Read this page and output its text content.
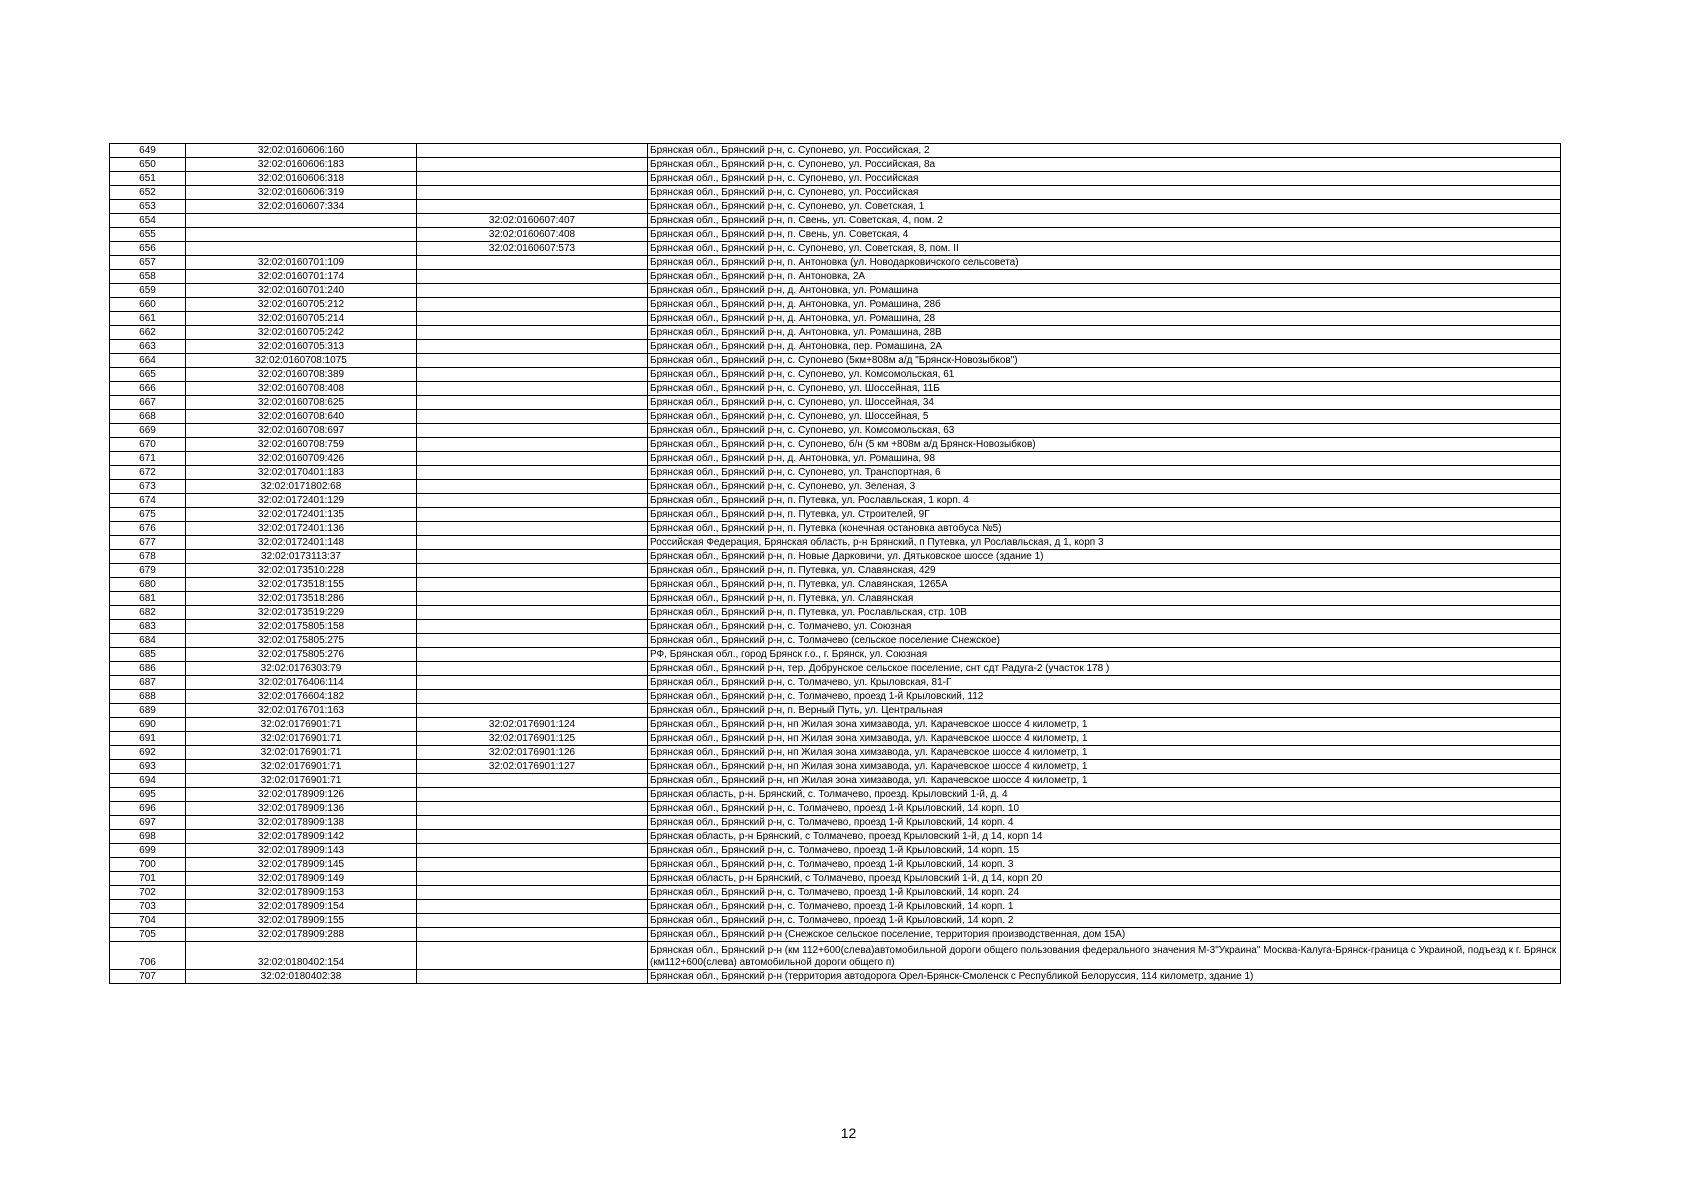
649	32:02:0160606:160		Брянская обл., Брянский р-н, с. Супонево, ул. Российская, 2
650	32:02:0160606:183		Брянская обл., Брянский р-н, с. Супонево, ул. Российская, 8а
651	32:02:0160606:318		Брянская обл., Брянский р-н, с. Супонево, ул. Российская
652	32:02:0160606:319		Брянская обл., Брянский р-н, с. Супонево, ул. Российская
653	32:02:0160607:334		Брянская обл., Брянский р-н, с. Супонево, ул. Советская, 1
654		32:02:0160607:407	Брянская обл., Брянский р-н, п. Свень, ул. Советская, 4, пом. 2
655		32:02:0160607:408	Брянская обл., Брянский р-н, п. Свень, ул. Советская, 4
656		32:02:0160607:573	Брянская обл., Брянский р-н, с. Супонево, ул. Советская, 8, пом. II
657	32:02:0160701:109		Брянская обл., Брянский р-н, п. Антоновка (ул. Новодарковичского сельсовета)
658	32:02:0160701:174		Брянская обл., Брянский р-н, п. Антоновка, 2А
659	32:02:0160701:240		Брянская обл., Брянский р-н, д. Антоновка, ул. Ромашина
660	32:02:0160705:212		Брянская обл., Брянский р-н, д. Антоновка, ул. Ромашина, 28б
661	32:02:0160705:214		Брянская обл., Брянский р-н, д. Антоновка, ул. Ромашина, 28
662	32:02:0160705:242		Брянская обл., Брянский р-н, д. Антоновка, ул. Ромашина, 28В
663	32:02:0160705:313		Брянская обл., Брянский р-н, д. Антоновка, пер. Ромашина, 2А
664	32:02:0160708:1075		Брянская обл., Брянский р-н, с. Супонево (5км+808м а/д "Брянск-Новозыбков")
665	32:02:0160708:389		Брянская обл., Брянский р-н, с. Супонево, ул. Комсомольская, 61
666	32:02:0160708:408		Брянская обл., Брянский р-н, с. Супонево, ул. Шоссейная, 11Б
667	32:02:0160708:625		Брянская обл., Брянский р-н, с. Супонево, ул. Шоссейная, 34
668	32:02:0160708:640		Брянская обл., Брянский р-н, с. Супонево, ул. Шоссейная, 5
669	32:02:0160708:697		Брянская обл., Брянский р-н, с. Супонево, ул. Комсомольская, 63
670	32:02:0160708:759		Брянская обл., Брянский р-н, с. Супонево, б/н (5 км +808м а/д Брянск-Новозыбков)
671	32:02:0160709:426		Брянская обл., Брянский р-н, д. Антоновка, ул. Ромашина, 98
672	32:02:0170401:183		Брянская обл., Брянский р-н, с. Супонево, ул. Транспортная, 6
673	32:02:0171802:68		Брянская обл., Брянский р-н, с. Супонево, ул. Зеленая, 3
674	32:02:0172401:129		Брянская обл., Брянский р-н, п. Путевка, ул. Рославльская, 1 корп. 4
675	32:02:0172401:135		Брянская обл., Брянский р-н, п. Путевка, ул. Строителей, 9Г
676	32:02:0172401:136		Брянская обл., Брянский р-н, п. Путевка (конечная остановка автобуса №5)
677	32:02:0172401:148		Российская Федерация, Брянская область, р-н Брянский, п Путевка, ул Рославльская, д 1, корп 3
678	32:02:0173113:37		Брянская обл., Брянский р-н, п. Новые Дарковичи, ул. Дятьковское шоссе (здание 1)
679	32:02:0173510:228		Брянская обл., Брянский р-н, п. Путевка, ул. Славянская, 429
680	32:02:0173518:155		Брянская обл., Брянский р-н, п. Путевка, ул. Славянская, 1265А
681	32:02:0173518:286		Брянская обл., Брянский р-н, п. Путевка, ул. Славянская
682	32:02:0173519:229		Брянская обл., Брянский р-н, п. Путевка, ул. Рославльская, стр. 10В
683	32:02:0175805:158		Брянская обл., Брянский р-н, с. Толмачево, ул. Союзная
684	32:02:0175805:275		Брянская обл., Брянский р-н, с. Толмачево (сельское поселение Снежское)
685	32:02:0175805:276		РФ, Брянская обл., город Брянск г.о., г. Брянск, ул. Союзная
686	32:02:0176303:79		Брянская обл., Брянский р-н, тер. Добрунское сельское поселение, снт сдт Радуга-2 (участок 178 )
687	32:02:0176406:114		Брянская обл., Брянский р-н, с. Толмачево, ул. Крыловская, 81-Г
688	32:02:0176604:182		Брянская обл., Брянский р-н, с. Толмачево, проезд 1-й Крыловский, 112
689	32:02:0176701:163		Брянская обл., Брянский р-н, п. Верный Путь, ул. Центральная
690	32:02:0176901:71	32:02:0176901:124	Брянская обл., Брянский р-н, нп Жилая зона химзавода, ул. Карачевское шоссе 4 километр, 1
691	32:02:0176901:71	32:02:0176901:125	Брянская обл., Брянский р-н, нп Жилая зона химзавода, ул. Карачевское шоссе 4 километр, 1
692	32:02:0176901:71	32:02:0176901:126	Брянская обл., Брянский р-н, нп Жилая зона химзавода, ул. Карачевское шоссе 4 километр, 1
693	32:02:0176901:71	32:02:0176901:127	Брянская обл., Брянский р-н, нп Жилая зона химзавода, ул. Карачевское шоссе 4 километр, 1
694	32:02:0176901:71		Брянская обл., Брянский р-н, нп Жилая зона химзавода, ул. Карачевское шоссе 4 километр, 1
695	32:02:0178909:126		Брянская область, р-н. Брянский, с. Толмачево, проезд. Крыловский 1-й, д. 4
696	32:02:0178909:136		Брянская обл., Брянский р-н, с. Толмачево, проезд 1-й Крыловский, 14 корп. 10
697	32:02:0178909:138		Брянская обл., Брянский р-н, с. Толмачево, проезд 1-й Крыловский, 14 корп. 4
698	32:02:0178909:142		Брянская область, р-н Брянский, с Толмачево, проезд Крыловский 1-й, д 14, корп 14
699	32:02:0178909:143		Брянская обл., Брянский р-н, с. Толмачево, проезд 1-й Крыловский, 14 корп. 15
700	32:02:0178909:145		Брянская обл., Брянский р-н, с. Толмачево, проезд 1-й Крыловский, 14 корп. 3
701	32:02:0178909:149		Брянская область, р-н Брянский, с Толмачево, проезд Крыловский 1-й, д 14, корп 20
702	32:02:0178909:153		Брянская обл., Брянский р-н, с. Толмачево, проезд 1-й Крыловский, 14 корп. 24
703	32:02:0178909:154		Брянская обл., Брянский р-н, с. Толмачево, проезд 1-й Крыловский, 14 корп. 1
704	32:02:0178909:155		Брянская обл., Брянский р-н, с. Толмачево, проезд 1-й Крыловский, 14 корп. 2
705	32:02:0178909:288		Брянская обл., Брянский р-н (Снежское сельское поселение, территория производственная, дом 15А)
706	32:02:0180402:154		Брянская обл., Брянский р-н (км 112+600(слева)автомобильной дороги общего пользования федерального значения М-3"Украина" Москва-Калуга-Брянск-граница с Украиной, подъезд к г. Брянск (км112+600(слева) автомобильной дороги общего п)
707	32:02:0180402:38		Брянская обл., Брянский р-н (территория автодорога Орел-Брянск-Смоленск с Республикой Белоруссия, 114 километр, здание 1)
12
